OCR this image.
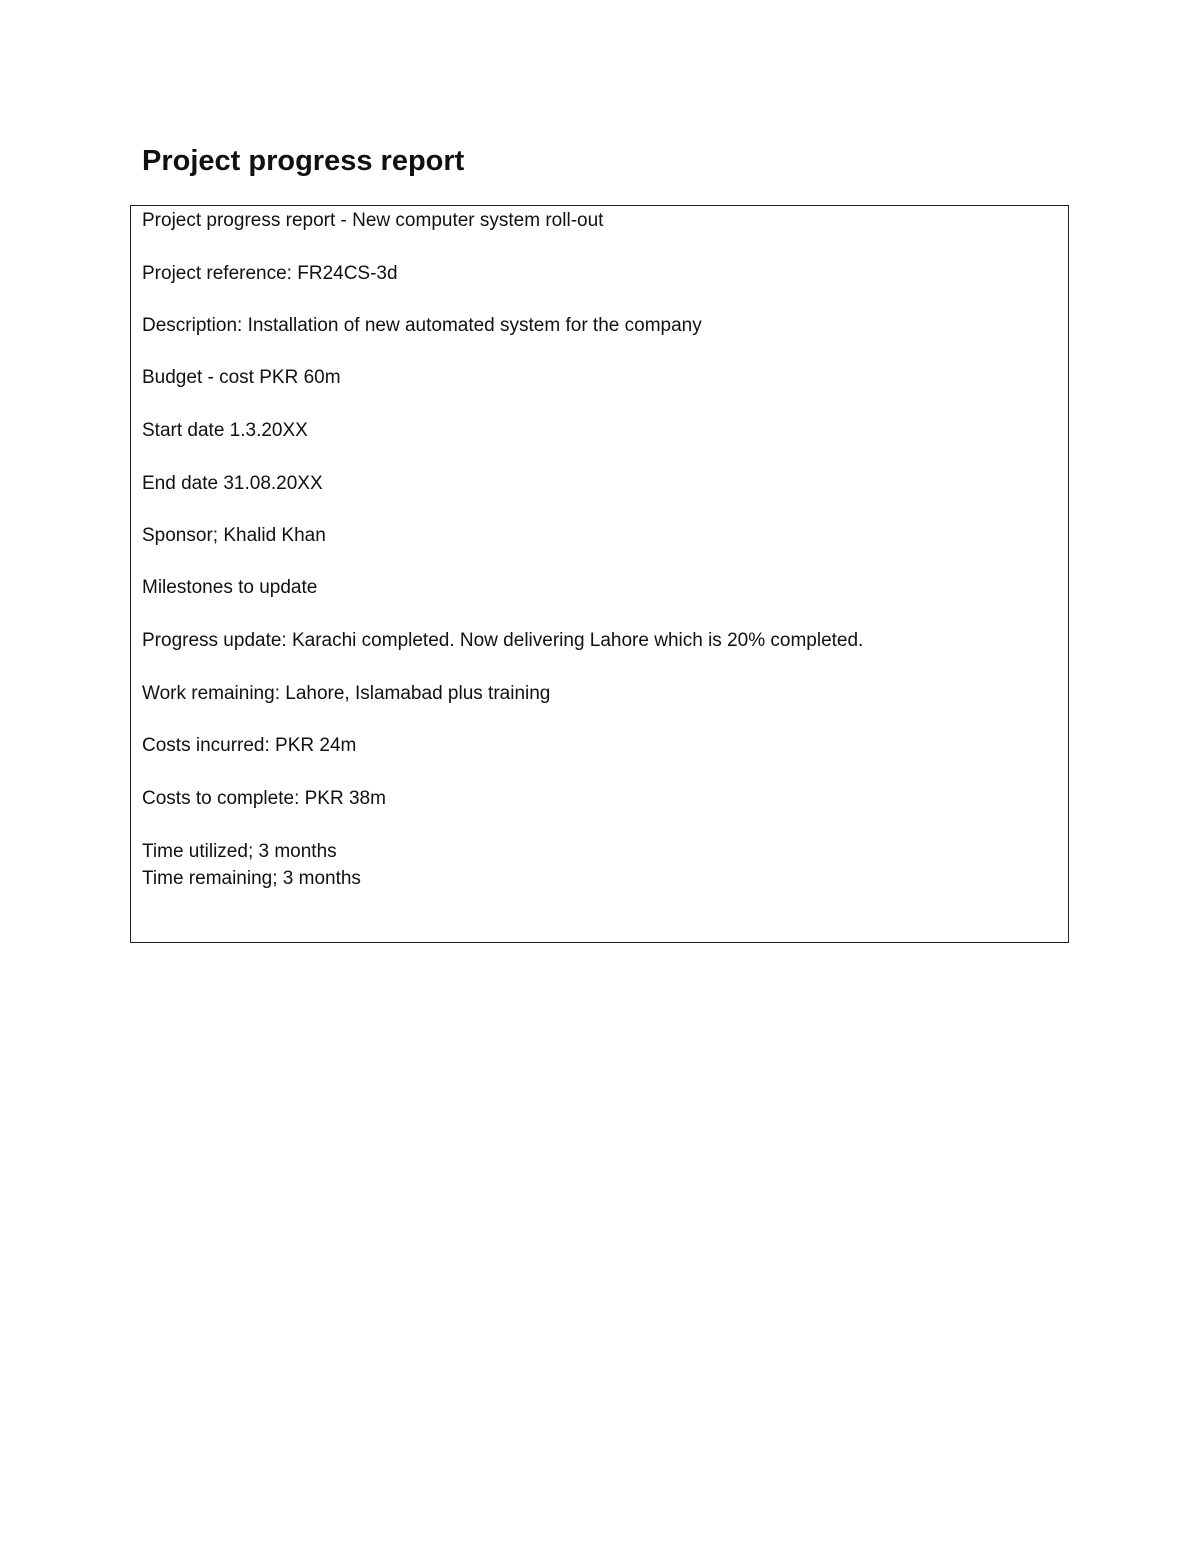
Project progress report
Project progress report - New computer system roll-out
Project reference: FR24CS-3d
Description: Installation of new automated system for the company
Budget - cost PKR 60m
Start date 1.3.20XX
End date 31.08.20XX
Sponsor; Khalid Khan
Milestones to update
Progress update: Karachi completed. Now delivering Lahore which is 20% completed.
Work remaining: Lahore, Islamabad plus training
Costs incurred: PKR 24m
Costs to complete: PKR 38m
Time utilized; 3 months
Time remaining; 3 months
